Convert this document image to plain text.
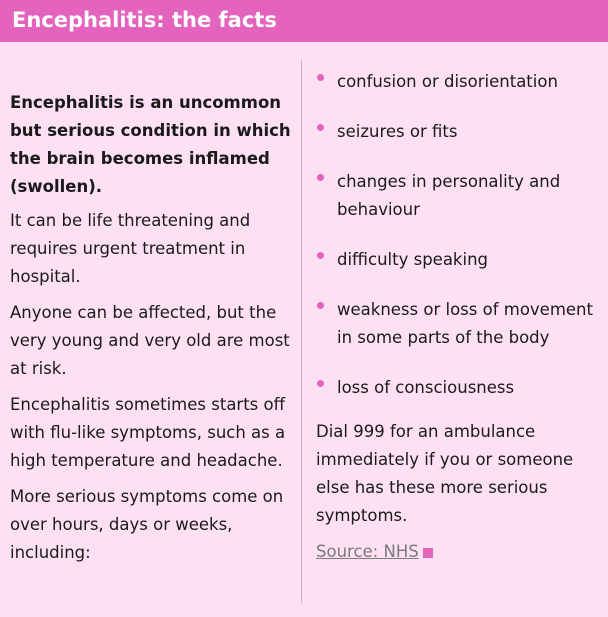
Encephalitis: the facts

Encephalitis is an uncommon but serious condition in which the brain becomes inflamed (swollen).

It can be life threatening and requires urgent treatment in hospital.

Anyone can be affected, but the very young and very old are most at risk.

Encephalitis sometimes starts off with flu-like symptoms, such as a high temperature and headache.

More serious symptoms come on over hours, days or weeks, including:

confusion or disorientation
seizures or fits
changes in personality and behaviour
difficulty speaking
weakness or loss of movement in some parts of the body
loss of consciousness

Dial 999 for an ambulance immediately if you or someone else has these more serious symptoms.

Source: NHS
